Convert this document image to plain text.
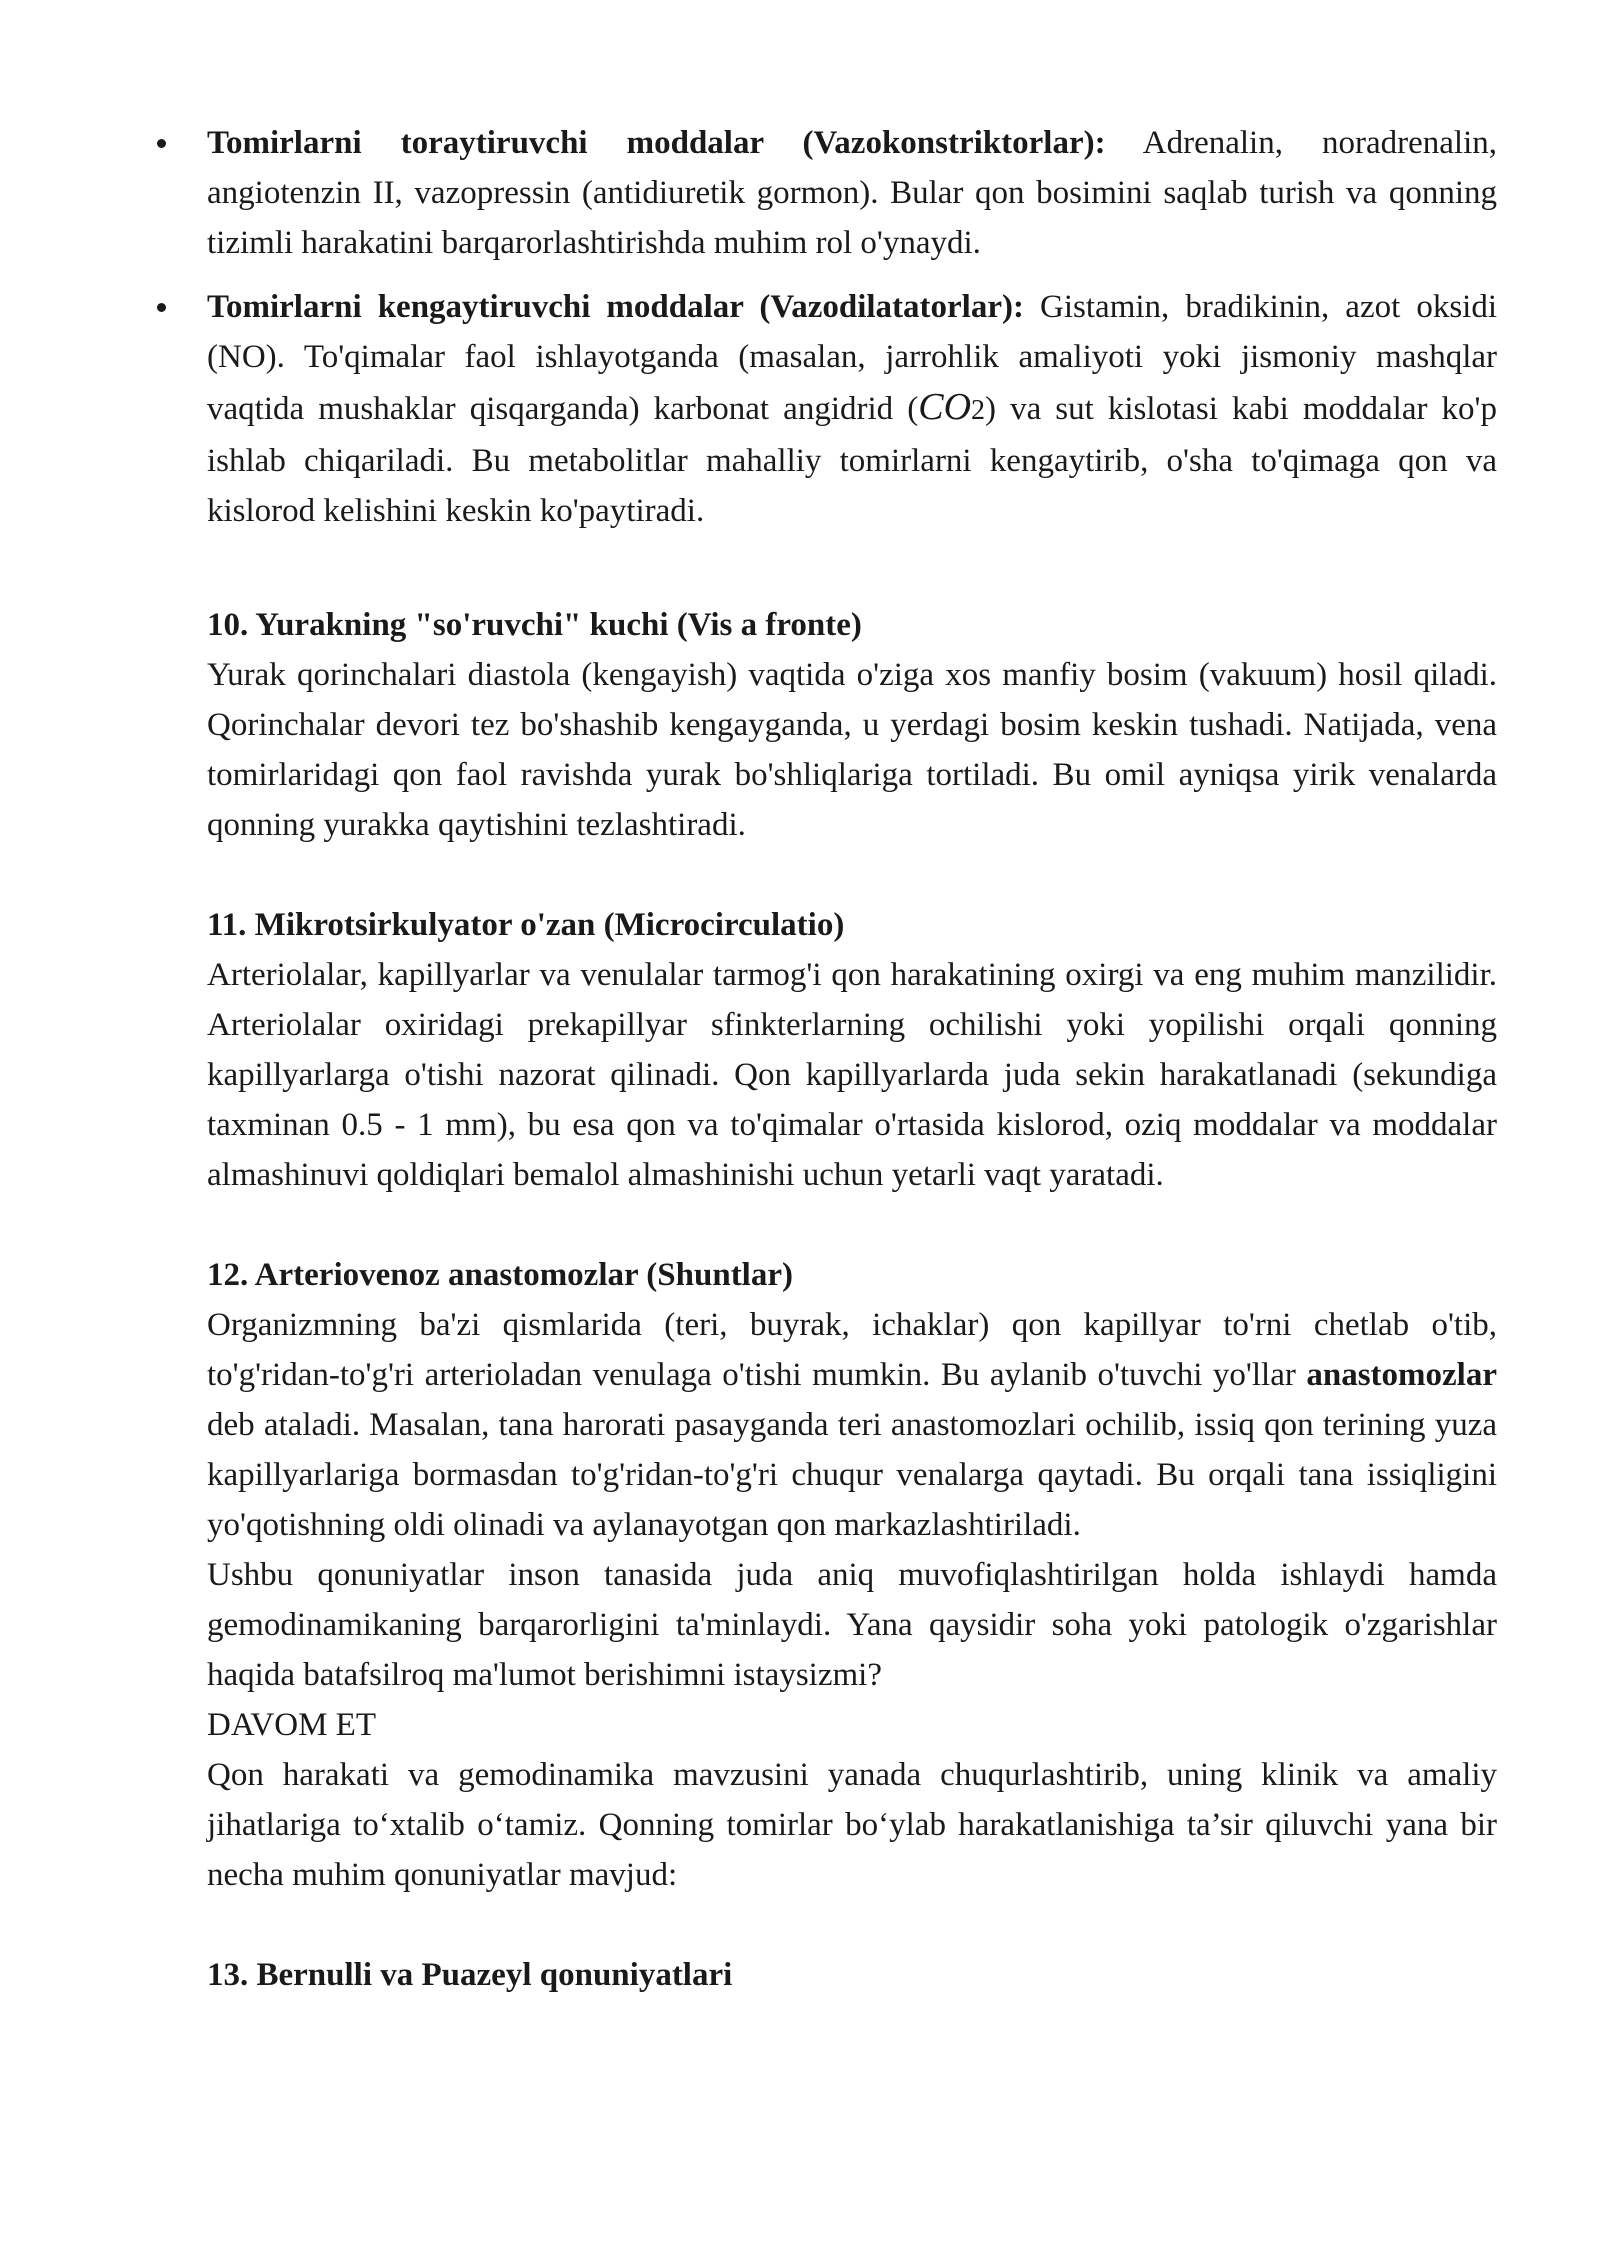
Tomirlarni toraytiruvchi moddalar (Vazokonstriktorlar): Adrenalin, noradrenalin, angiotenzin II, vazopressin (antidiuretik gormon). Bular qon bosimini saqlab turish va qonning tizimli harakatini barqarorlashtirishda muhim rol o'ynaydi.

Tomirlarni kengaytiruvchi moddalar (Vazodilatatorlar): Gistamin, bradikinin, azot oksidi (NO). To'qimalar faol ishlayotganda (masalan, jarrohlik amaliyoti yoki jismoniy mashqlar vaqtida mushaklar qisqarganda) karbonat angidrid (CO2) va sut kislotasi kabi moddalar ko'p ishlab chiqariladi. Bu metabolitlar mahalliy tomirlarni kengaytirib, o'sha to'qimaga qon va kislorod kelishini keskin ko'paytiradi.

10. Yurakning "so'ruvchi" kuchi (Vis a fronte)

Yurak qorinchalari diastola (kengayish) vaqtida o'ziga xos manfiy bosim (vakuum) hosil qiladi. Qorinchalar devori tez bo'shashib kengayganda, u yerdagi bosim keskin tushadi. Natijada, vena tomirlaridagi qon faol ravishda yurak bo'shliqlariga tortiladi. Bu omil ayniqsa yirik venalarda qonning yurakka qaytishini tezlashtiradi.

11. Mikrotsirkulyator o'zan (Microcirculatio)

Arteriolalar, kapillyarlar va venulalar tarmog'i qon harakatining oxirgi va eng muhim manzilidir. Arteriolalar oxiridagi prekapillyar sfinkterlarning ochilishi yoki yopilishi orqali qonning kapillyarlarga o'tishi nazorat qilinadi. Qon kapillyarlarda juda sekin harakatlanadi (sekundiga taxminan 0.5 - 1 mm), bu esa qon va to'qimalar o'rtasida kislorod, oziq moddalar va moddalar almashinuvi qoldiqlari bemalol almashinishi uchun yetarli vaqt yaratadi.

12. Arteriovenoz anastomozlar (Shuntlar)

Organizmning ba'zi qismlarida (teri, buyrak, ichaklar) qon kapillyar to'rni chetlab o'tib, to'g'ridan-to'g'ri arterioladan venulaga o'tishi mumkin. Bu aylanib o'tuvchi yo'llar anastomozlar deb ataladi. Masalan, tana harorati pasayganda teri anastomozlari ochilib, issiq qon terining yuza kapillyarlariga bormasdan to'g'ridan-to'g'ri chuqur venalarga qaytadi. Bu orqali tana issiqligini yo'qotishning oldi olinadi va aylanayotgan qon markazlashtiriladi.

Ushbu qonuniyatlar inson tanasida juda aniq muvofiqlashtirilgan holda ishlaydi hamda gemodinamikaning barqarorligini ta'minlaydi. Yana qaysidir soha yoki patologik o'zgarishlar haqida batafsilroq ma'lumot berishimni istaysizmi?

DAVOM ET

Qon harakati va gemodinamika mavzusini yanada chuqurlashtirib, uning klinik va amaliy jihatlariga to‘xtalib o‘tamiz. Qonning tomirlar bo‘ylab harakatlanishiga ta’sir qiluvchi yana bir necha muhim qonuniyatlar mavjud:

13. Bernulli va Puazeyl qonuniyatlari
